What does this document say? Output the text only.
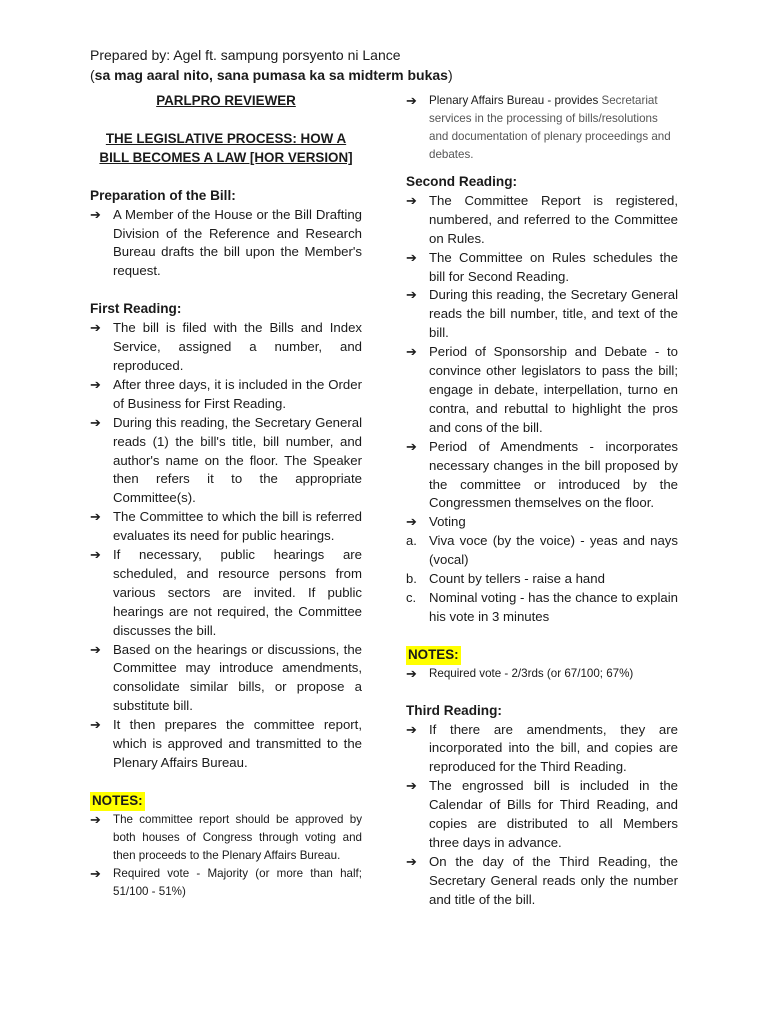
Prepared by: Agel ft. sampung porsyento ni Lance
(sa mag aaral nito, sana pumasa ka sa midterm bukas)
PARLPRO REVIEWER
THE LEGISLATIVE PROCESS: HOW A BILL BECOMES A LAW [HOR VERSION]
Preparation of the Bill:
➔ A Member of the House or the Bill Drafting Division of the Reference and Research Bureau drafts the bill upon the Member's request.
First Reading:
➔ The bill is filed with the Bills and Index Service, assigned a number, and reproduced.
➔ After three days, it is included in the Order of Business for First Reading.
➔ During this reading, the Secretary General reads (1) the bill's title, bill number, and author's name on the floor. The Speaker then refers it to the appropriate Committee(s).
➔ The Committee to which the bill is referred evaluates its need for public hearings.
➔ If necessary, public hearings are scheduled, and resource persons from various sectors are invited. If public hearings are not required, the Committee discusses the bill.
➔ Based on the hearings or discussions, the Committee may introduce amendments, consolidate similar bills, or propose a substitute bill.
➔ It then prepares the committee report, which is approved and transmitted to the Plenary Affairs Bureau.
NOTES:
➔ The committee report should be approved by both houses of Congress through voting and then proceeds to the Plenary Affairs Bureau.
➔ Required vote - Majority (or more than half; 51/100 - 51%)
➔ Plenary Affairs Bureau - provides Secretariat services in the processing of bills/resolutions and documentation of plenary proceedings and debates.
Second Reading:
➔ The Committee Report is registered, numbered, and referred to the Committee on Rules.
➔ The Committee on Rules schedules the bill for Second Reading.
➔ During this reading, the Secretary General reads the bill number, title, and text of the bill.
➔ Period of Sponsorship and Debate - to convince other legislators to pass the bill; engage in debate, interpellation, turno en contra, and rebuttal to highlight the pros and cons of the bill.
➔ Period of Amendments - incorporates necessary changes in the bill proposed by the committee or introduced by the Congressmen themselves on the floor.
➔ Voting
a. Viva voce (by the voice) - yeas and nays (vocal)
b. Count by tellers - raise a hand
c. Nominal voting - has the chance to explain his vote in 3 minutes
NOTES:
➔ Required vote - 2/3rds (or 67/100; 67%)
Third Reading:
➔ If there are amendments, they are incorporated into the bill, and copies are reproduced for the Third Reading.
➔ The engrossed bill is included in the Calendar of Bills for Third Reading, and copies are distributed to all Members three days in advance.
➔ On the day of the Third Reading, the Secretary General reads only the number and title of the bill.
